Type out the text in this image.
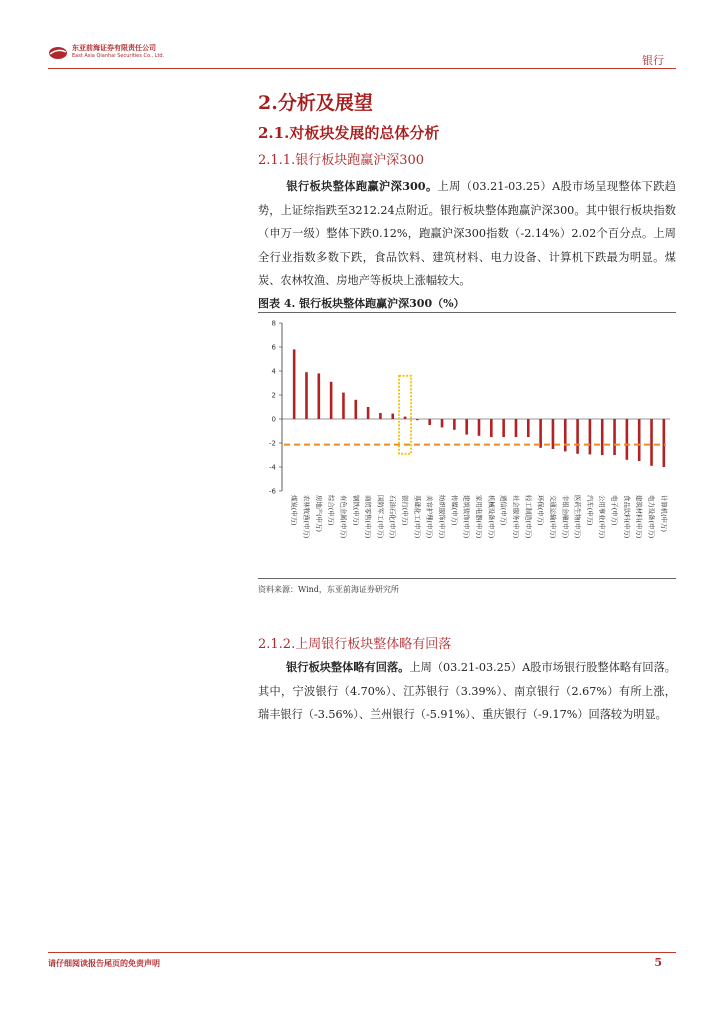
东亚前海证券有限责任公司
East Asia Qianhai Securities Co., Ltd.	银行
2.分析及展望
2.1.对板块发展的总体分析
2.1.1.银行板块跑赢沪深300
银行板块整体跑赢沪深300。上周（03.21-03.25）A股市场呈现整体下跌趋势，上证综指跌至3212.24点附近。银行板块整体跑赢沪深300。其中银行板块指数（申万一级）整体下跌0.12%，跑赢沪深300指数（-2.14%）2.02个百分点。上周全行业指数多数下跌，食品饮料、建筑材料、电力设备、计算机下跌最为明显。煤炭、农林牧渔、房地产等板块上涨幅较大。
图表 4. 银行板块整体跑赢沪深300（%）
8
6
4
2
0
-2
-4
-6
煤炭(申万) 农林牧渔(申万) 房地产(申万) 综合(申万) 有色金属(申万) 钢铁(申万) 商贸零售(申万) 国防军工(申万) 石油石化(申万) 银行(申万) 基础化工(申万) 美容护理(申万) 纺织服饰(申万) 传媒(申万) 建筑装饰(申万) 家用电器(申万) 机械设备(申万) 通信(申万) 社会服务(申万) 轻工制造(申万) 环保(申万) 交通运输(申万) 非银金融(申万) 医药生物(申万) 汽车(申万) 公用事业(申万) 电子(申万) 食品饮料(申万) 建筑材料(申万) 电力设备(申万) 计算机(申万)
资料来源：Wind，东亚前海证券研究所
2.1.2.上周银行板块整体略有回落
银行板块整体略有回落。上周（03.21-03.25）A股市场银行股整体略有回落。其中，宁波银行（4.70%）、江苏银行（3.39%）、南京银行（2.67%）有所上涨，瑞丰银行（-3.56%）、兰州银行（-5.91%）、重庆银行（-9.17%）回落较为明显。
请仔细阅读报告尾页的免责声明	5
